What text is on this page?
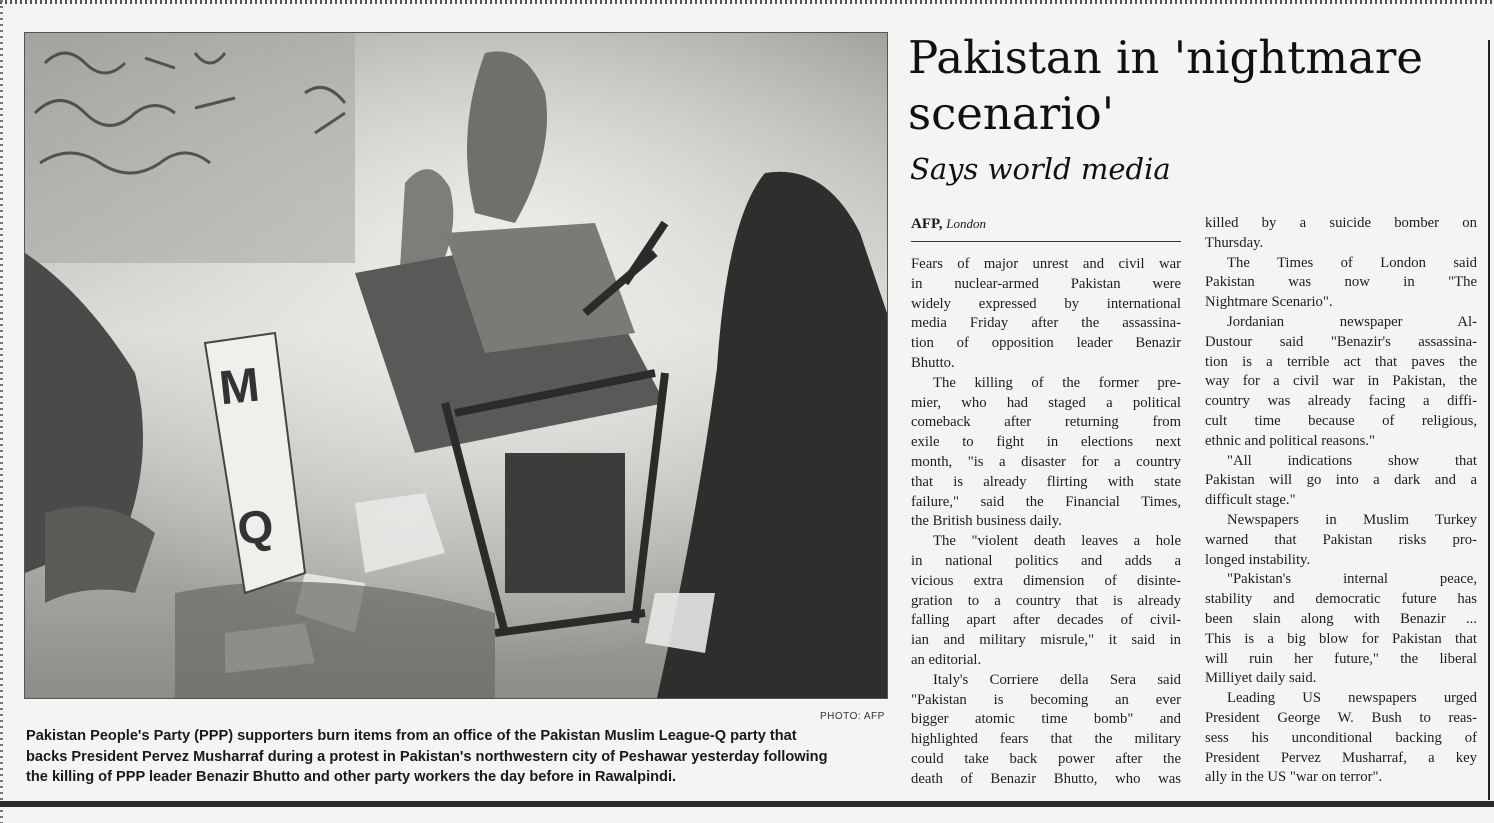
M
Q
PHOTO: AFP
Pakistan People's Party (PPP) supporters burn items from an office of the Pakistan Muslim League-Q party that
backs President Pervez Musharraf during a protest in Pakistan's northwestern city of Peshawar yesterday following
the killing of PPP leader Benazir Bhutto and other party workers the day before in Rawalpindi.
Pakistan in 'nightmare
scenario'
Says world media
AFP, London
Fears of major unrest and civil war
in nuclear-armed Pakistan were
widely expressed by international
media Friday after the assassina-
tion of opposition leader Benazir
Bhutto.
The killing of the former pre-
mier, who had staged a political
comeback after returning from
exile to fight in elections next
month, "is a disaster for a country
that is already flirting with state
failure," said the Financial Times,
the British business daily.
The "violent death leaves a hole
in national politics and adds a
vicious extra dimension of disinte-
gration to a country that is already
falling apart after decades of civil-
ian and military misrule," it said in
an editorial.
Italy's Corriere della Sera said
"Pakistan is becoming an ever
bigger atomic time bomb" and
highlighted fears that the military
could take back power after the
death of Benazir Bhutto, who was
killed by a suicide bomber on
Thursday.
The Times of London said
Pakistan was now in "The
Nightmare Scenario".
Jordanian newspaper Al-
Dustour said "Benazir's assassina-
tion is a terrible act that paves the
way for a civil war in Pakistan, the
country was already facing a diffi-
cult time because of religious,
ethnic and political reasons."
"All indications show that
Pakistan will go into a dark and a
difficult stage."
Newspapers in Muslim Turkey
warned that Pakistan risks pro-
longed instability.
"Pakistan's internal peace,
stability and democratic future has
been slain along with Benazir ...
This is a big blow for Pakistan that
will ruin her future," the liberal
Milliyet daily said.
Leading US newspapers urged
President George W. Bush to reas-
sess his unconditional backing of
President Pervez Musharraf, a key
ally in the US "war on terror".
